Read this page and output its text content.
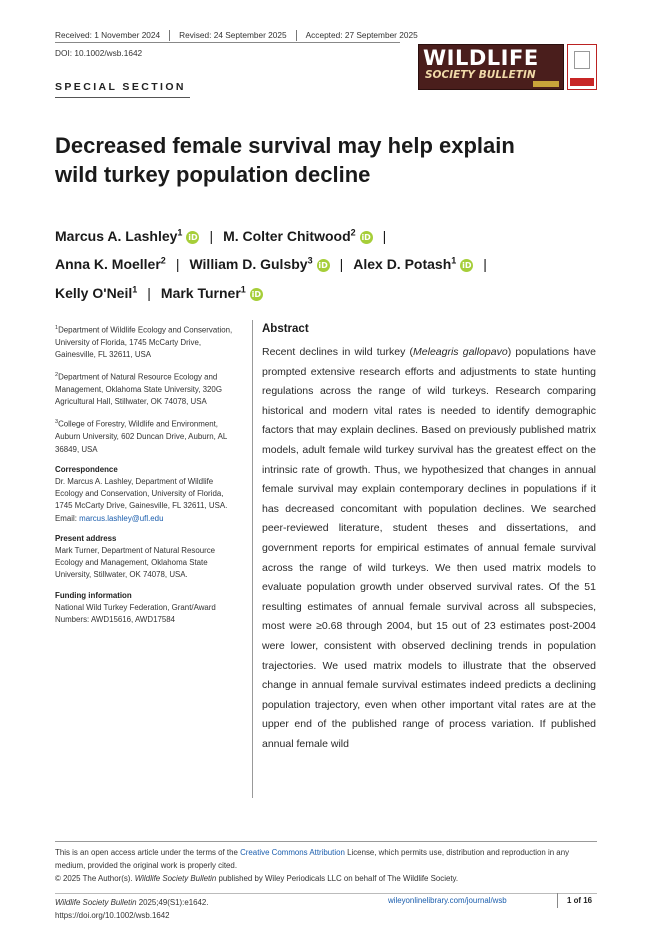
Received: 1 November 2024	Revised: 24 September 2025	Accepted: 27 September 2025
DOI: 10.1002/wsb.1642	WILDLIFE
SOCIETY BULLETIN
SPECIAL SECTION
Decreased female survival may help explain
wild turkey population decline
Marcus A. Lashley$^1$iD | M. Colter Chitwood$^2$iD |
Anna K. Moeller$^2$ | William D. Gulsby$^3$iD | Alex D. Potash$^1$iD |
Kelly O'Neil$^1$ | Mark Turner$^1$iD

$^1$Department of Wildlife Ecology and Conservation, University of Florida, 1745 McCarty Drive, Gainesville, FL 32611, USA

$^2$Department of Natural Resource Ecology and Management, Oklahoma State University, 320G Agricultural Hall, Stillwater, OK 74078, USA

$^3$College of Forestry, Wildlife and Environment, Auburn University, 602 Duncan Drive, Auburn, AL 36849, USA

Correspondence

Dr. Marcus A. Lashley, Department of Wildlife Ecology and Conservation, University of Florida, 1745 McCarty Drive, Gainesville, FL 32611, USA.
Email: marcus.lashley@ufl.edu

Present address

Mark Turner, Department of Natural Resource Ecology and Management, Oklahoma State University, Stillwater, OK 74078, USA.

Funding information

National Wild Turkey Federation, Grant/Award Numbers: AWD15616, AWD17584

Abstract
Recent declines in wild turkey (Meleagris gallopavo) populations have prompted extensive research efforts and adjustments to state hunting regulations across the range of wild turkeys. Research comparing historical and modern vital rates is needed to identify demographic factors that may explain declines. Based on previously published matrix models, adult female wild turkey survival has the greatest effect on the intrinsic rate of growth. Thus, we hypothesized that changes in annual female survival may explain contemporary declines in populations if it has decreased concomitant with population declines. We searched peer-reviewed literature, student theses and dissertations, and government reports for empirical estimates of annual female survival across the range of wild turkeys. We then used matrix models to evaluate population growth under observed survival rates. Of the 51 resulting estimates of annual female survival across all subspecies, most were ≥0.68 through 2004, but 15 out of 23 estimates post-2004 were lower, consistent with observed declining trends in population trajectories. We used matrix models to illustrate that the observed change in annual female survival estimates indeed predicts a declining population trajectory, even when other important vital rates are at the upper end of the published range of process variation. If published annual female wild
This is an open access article under the terms of the Creative Commons Attribution License, which permits use, distribution and reproduction in any medium, provided the original work is properly cited.
© 2025 The Author(s). Wildlife Society Bulletin published by Wiley Periodicals LLC on behalf of The Wildlife Society.
Wildlife Society Bulletin 2025;49(S1):e1642.
https://doi.org/10.1002/wsb.1642
wileyonlinelibrary.com/journal/wsb	1 of 16
